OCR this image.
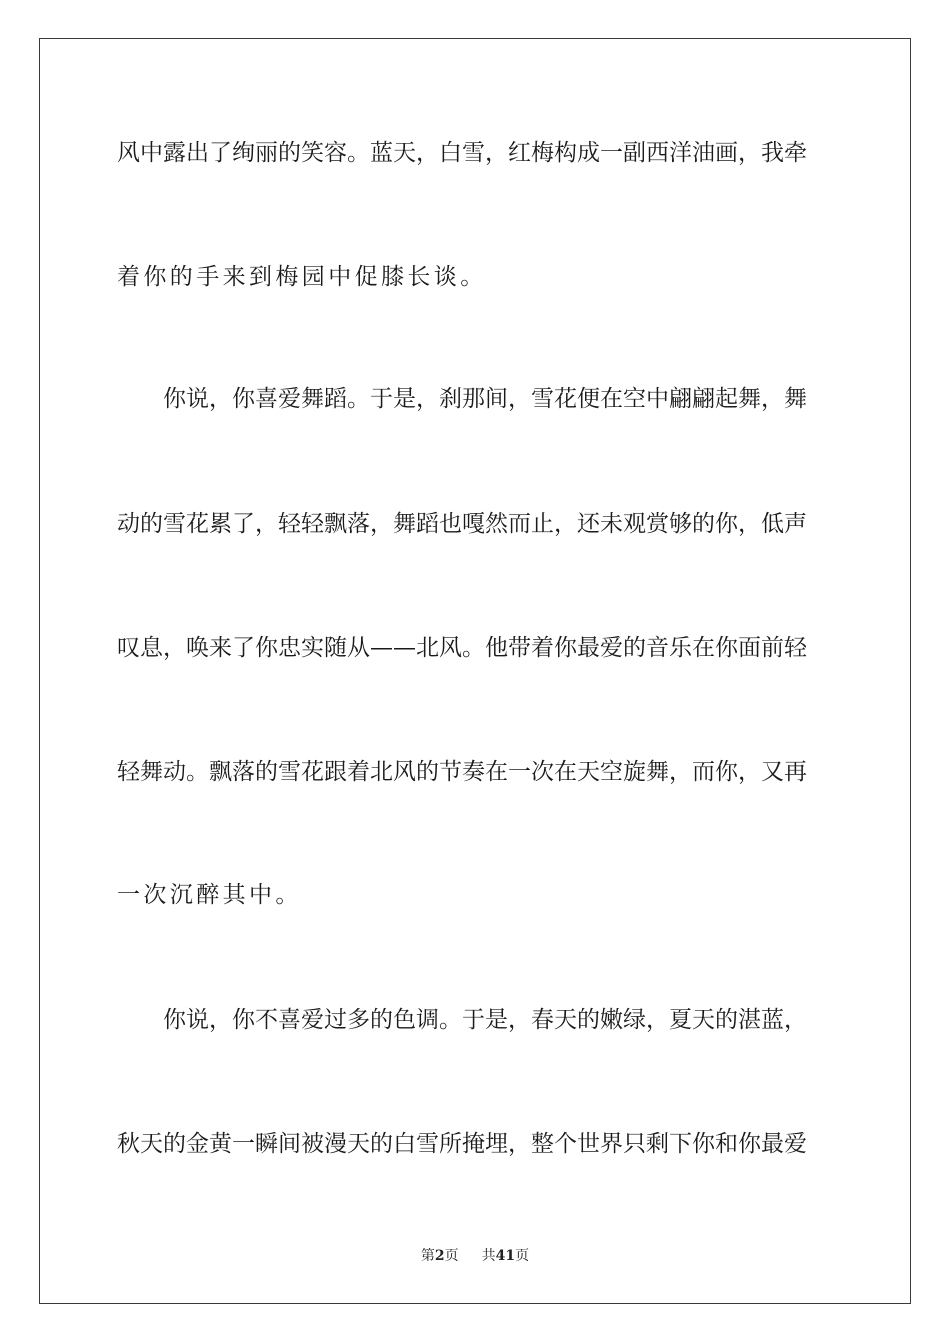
风中露出了绚丽的笑容。蓝天，白雪，红梅构成一副西洋油画，我牵

着你的手来到梅园中促膝长谈。

你说，你喜爱舞蹈。于是，刹那间，雪花便在空中翩翩起舞，舞

动的雪花累了，轻轻飘落，舞蹈也嘎然而止，还未观赏够的你，低声

叹息，唤来了你忠实随从——北风。他带着你最爱的音乐在你面前轻

轻舞动。飘落的雪花跟着北风的节奏在一次在天空旋舞，而你，又再

一次沉醉其中。

你说，你不喜爱过多的色调。于是，春天的嫩绿，夏天的湛蓝，

秋天的金黄一瞬间被漫天的白雪所掩埋，整个世界只剩下你和你最爱

第2页 共41页
